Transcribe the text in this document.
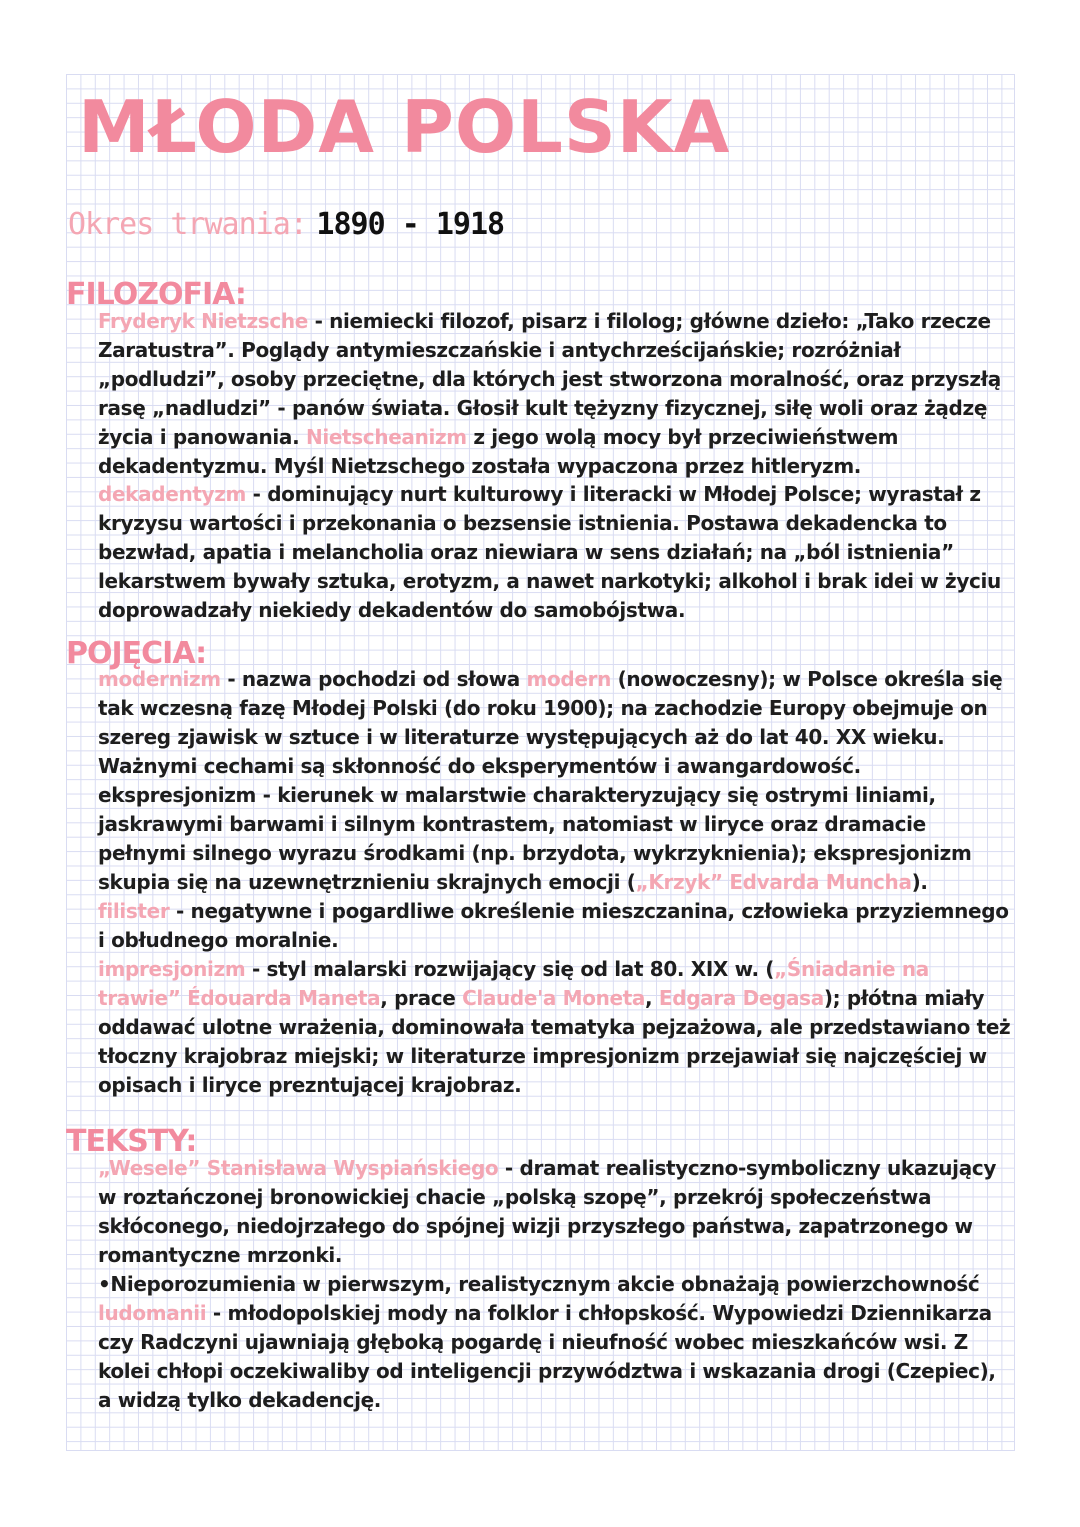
MŁODA POLSKA
Okres trwania: 1890 - 1918
FILOZOFIA:

Fryderyk Nietzsche - niemiecki filozof, pisarz i filolog; główne dzieło: „Tako rzecze Zaratustra”. Poglądy antymieszczańskie i antychrześcijańskie; rozróżniał „podludzi”, osoby przeciętne, dla których jest stworzona moralność, oraz przyszłą rasę „nadludzi” - panów świata. Głosił kult tężyzny fizycznej, siłę woli oraz żądzę życia i panowania. Nietscheanizm z jego wolą mocy był przeciwieństwem dekadentyzmu. Myśl Nietzschego została wypaczona przez hitleryzm.

dekadentyzm - dominujący nurt kulturowy i literacki w Młodej Polsce; wyrastał z kryzysu wartości i przekonania o bezsensie istnienia. Postawa dekadencka to bezwład, apatia i melancholia oraz niewiara w sens działań; na „ból istnienia” lekarstwem bywały sztuka, erotyzm, a nawet narkotyki; alkohol i brak idei w życiu doprowadzały niekiedy dekadentów do samobójstwa.

POJĘCIA:

modernizm - nazwa pochodzi od słowa modern (nowoczesny); w Polsce określa się tak wczesną fazę Młodej Polski (do roku 1900); na zachodzie Europy obejmuje on szereg zjawisk w sztuce i w literaturze występujących aż do lat 40. XX wieku. Ważnymi cechami są skłonność do eksperymentów i awangardowość.

ekspresjonizm - kierunek w malarstwie charakteryzujący się ostrymi liniami, jaskrawymi barwami i silnym kontrastem, natomiast w liryce oraz dramacie pełnymi silnego wyrazu środkami (np. brzydota, wykrzyknienia); ekspresjonizm skupia się na uzewnętrznieniu skrajnych emocji („Krzyk” Edvarda Muncha).

filister - negatywne i pogardliwe określenie mieszczanina, człowieka przyziemnego i obłudnego moralnie.

impresjonizm - styl malarski rozwijający się od lat 80. XIX w. („Śniadanie na trawie” Édouarda Maneta, prace Claude'a Moneta, Edgara Degasa); płótna miały oddawać ulotne wrażenia, dominowała tematyka pejzażowa, ale przedstawiano też tłoczny krajobraz miejski; w literaturze impresjonizm przejawiał się najczęściej w opisach i liryce prezntującej krajobraz.

TEKSTY:

„Wesele” Stanisława Wyspiańskiego - dramat realistyczno-symboliczny ukazujący w roztańczonej bronowickiej chacie „polską szopę”, przekrój społeczeństwa skłóconego, niedojrzałego do spójnej wizji przyszłego państwa, zapatrzonego w romantyczne mrzonki.

•Nieporozumienia w pierwszym, realistycznym akcie obnażają powierzchowność ludomanii - młodopolskiej mody na folklor i chłopskość. Wypowiedzi Dziennikarza czy Radczyni ujawniają głęboką pogardę i nieufność wobec mieszkańców wsi. Z kolei chłopi oczekiwaliby od inteligencji przywództwa i wskazania drogi (Czepiec), a widzą tylko dekadencję.
